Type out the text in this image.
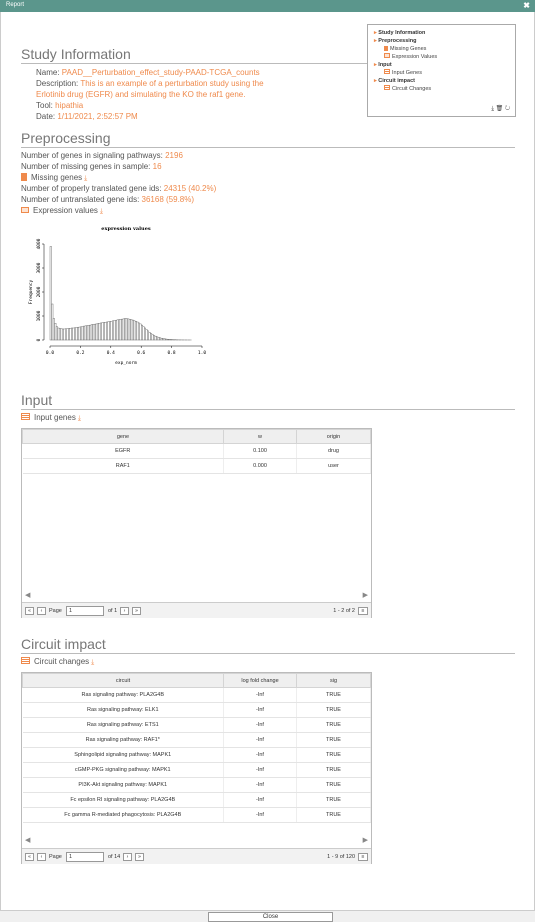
Report	✖
Study Information
Name: PAAD__Perturbation_effect_study-PAAD-TCGA_counts
Description: This is an example of a perturbation study using the
Erlotinib drug (EGFR) and simulating the KO the raf1 gene.
Tool: hipathia
Date: 1/11/2021, 2:52:57 PM
▸ Study Information
▸ Preprocessing
Missing Genes
Expression Values
▸ Input
Input Genes
▸ Circuit impact
Circuit Changes
⤓ 🗑 ↻
Preprocessing
Number of genes in signaling pathways: 2196
Number of missing genes in sample: 16
Missing genes ⤓
Number of properly translated gene ids: 24315 (40.2%)
Number of untranslated gene ids: 36168 (59.8%)
Expression values ⤓
expression values
0.0	0.2	0.4	0.6	0.8	1.0
0
1000
2000
3000
4000
exp_norm
Frequency
Input
Input genes ⤓
gene	w	origin
EGFR	0.100	drug
RAF1	0.000	user
◀	▶
«	‹	Page	1	of 1	›	»	1 - 2 of 2	≡
Circuit impact
Circuit changes ⤓
circuit	log fold change	sig
Ras signaling pathway: PLA2G4B	-Inf	TRUE
Ras signaling pathway: ELK1	-Inf	TRUE
Ras signaling pathway: ETS1	-Inf	TRUE
Ras signaling pathway: RAF1*	-Inf	TRUE
Sphingolipid signaling pathway: MAPK1	-Inf	TRUE
cGMP-PKG signaling pathway: MAPK1	-Inf	TRUE
PI3K-Akt signaling pathway: MAPK1	-Inf	TRUE
Fc epsilon RI signaling pathway: PLA2G4B	-Inf	TRUE
Fc gamma R-mediated phagocytosis: PLA2G4B	-Inf	TRUE
◀	▶
«	‹	Page	1	of 14	›	»	1 - 9 of 120	≡
Close
